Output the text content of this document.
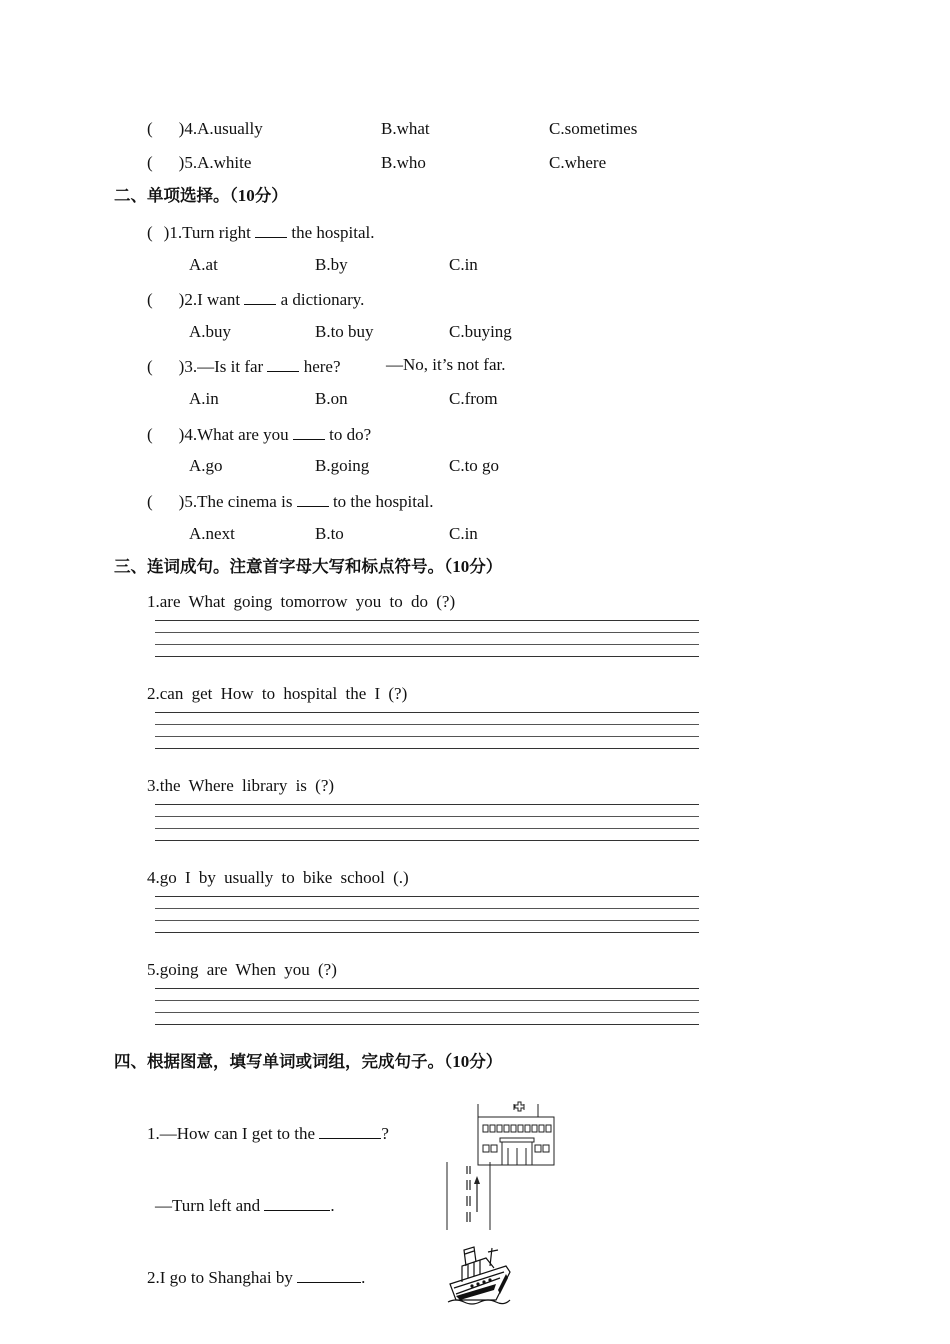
( )4.A.usually	B.what	C.sometimes
( )5.A.white	B.who	C.where
二、单项选择。（10分）
( )1.Turn right  the hospital.
A.at	B.by	C.in
( )2.I want  a dictionary.
A.buy	B.to buy	C.buying
( )3.—Is it far  here?	—No, it’s not far.
A.in	B.on	C.from
( )4.What are you  to do?
A.go	B.going	C.to go
( )5.The cinema is  to the hospital.
A.next	B.to	C.in
三、连词成句。注意首字母大写和标点符号。（10分）
1.are What going tomorrow you to do (?)
2.can get How to hospital the I (?)
3.the Where library is (?)
4.go I by usually to bike school (.)
5.going are When you (?)
四、根据图意，填写单词或词组，完成句子。（10分）
1.—How can I get to the	?
—Turn left and	.
2.I go to Shanghai by	.
